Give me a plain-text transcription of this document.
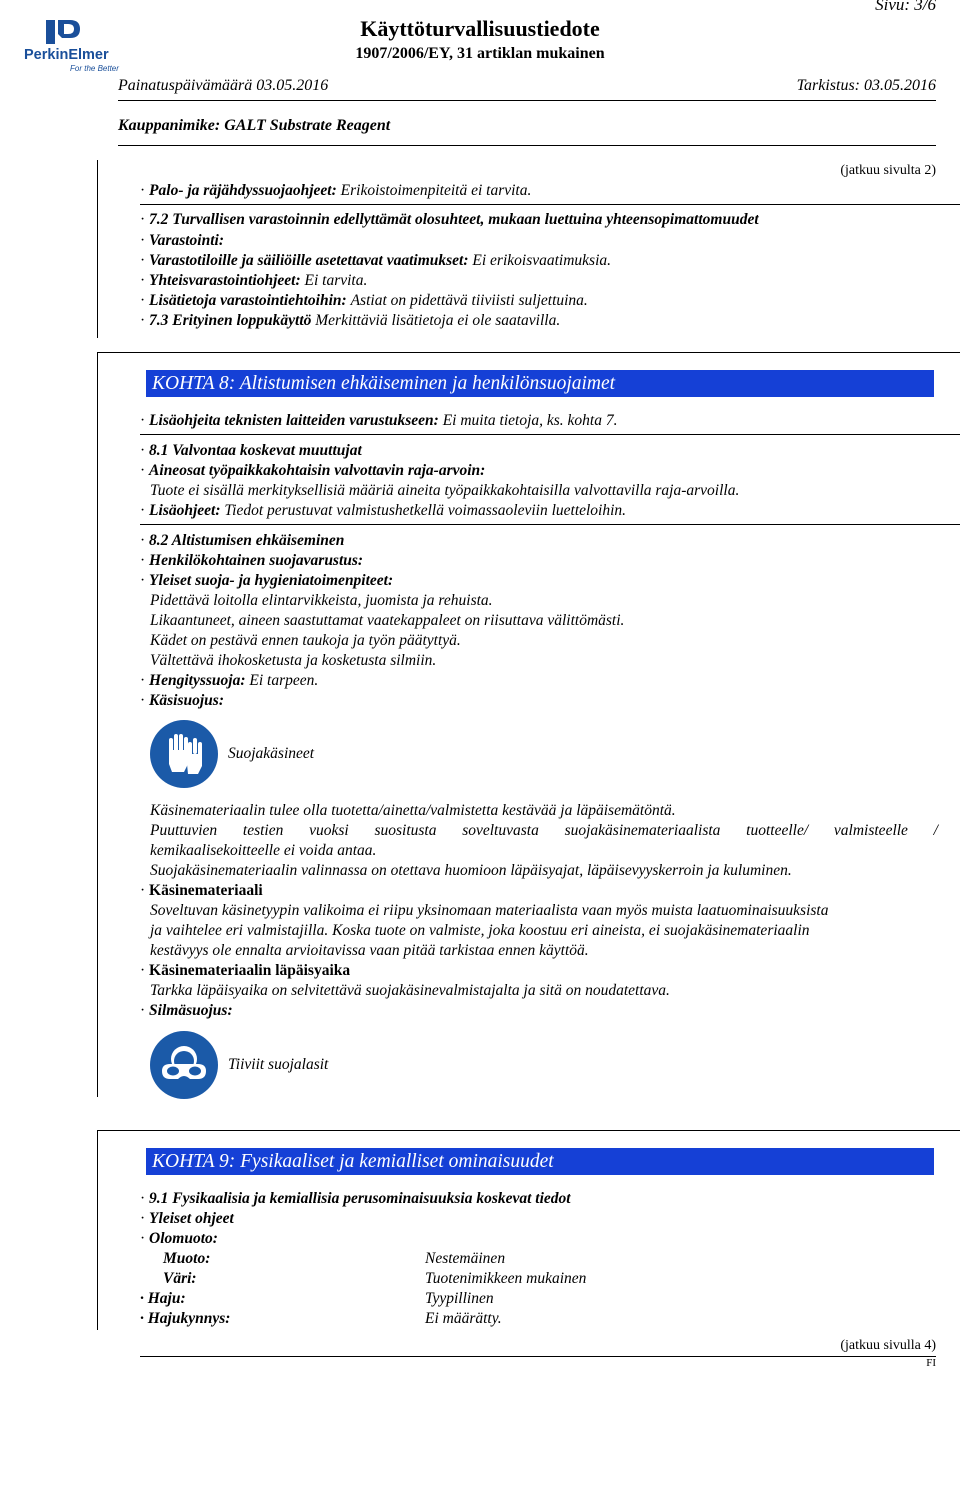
PerkinElmer
For the Better
Sivu: 3/6
Käyttöturvallisuustiedote
1907/2006/EY, 31 artiklan mukainen
Painatuspäivämäärä 03.05.2016	Tarkistus: 03.05.2016
Kauppanimike: GALT Substrate Reagent
(jatkuu sivulta 2)
· Palo- ja räjähdyssuojaohjeet: Erikoistoimenpiteitä ei tarvita.
· 7.2 Turvallisen varastoinnin edellyttämät olosuhteet, mukaan luettuina yhteensopimattomuudet
· Varastointi:
· Varastotiloille ja säiliöille asetettavat vaatimukset: Ei erikoisvaatimuksia.
· Yhteisvarastointiohjeet: Ei tarvita.
· Lisätietoja varastointiehtoihin: Astiat on pidettävä tiiviisti suljettuina.
· 7.3 Erityinen loppukäyttö Merkittäviä lisätietoja ei ole saatavilla.
KOHTA 8: Altistumisen ehkäiseminen ja henkilönsuojaimet
· Lisäohjeita teknisten laitteiden varustukseen: Ei muita tietoja, ks. kohta 7.
· 8.1 Valvontaa koskevat muuttujat
· Aineosat työpaikkakohtaisin valvottavin raja-arvoin:
Tuote ei sisällä merkityksellisiä määriä aineita työpaikkakohtaisilla valvottavilla raja-arvoilla.
· Lisäohjeet: Tiedot perustuvat valmistushetkellä voimassaoleviin luetteloihin.
· 8.2 Altistumisen ehkäiseminen
· Henkilökohtainen suojavarustus:
· Yleiset suoja- ja hygieniatoimenpiteet:
Pidettävä loitolla elintarvikkeista, juomista ja rehuista.
Likaantuneet, aineen saastuttamat vaatekappaleet on riisuttava välittömästi.
Kädet on pestävä ennen taukoja ja työn päätyttyä.
Vältettävä ihokosketusta ja kosketusta silmiin.
· Hengityssuoja: Ei tarpeen.
· Käsisuojus:
Suojakäsineet
Käsinemateriaalin tulee olla tuotetta/ainetta/valmistetta kestävää ja läpäisemätöntä.
Puuttuvien testien vuoksi suositusta soveltuvasta suojakäsinemateriaalista tuotteelle/ valmisteelle /
kemikaalisekoitteelle ei voida antaa.
Suojakäsinemateriaalin valinnassa on otettava huomioon läpäisyajat, läpäisevyyskerroin ja kuluminen.
· Käsinemateriaali
Soveltuvan käsinetyypin valikoima ei riipu yksinomaan materiaalista vaan myös muista laatuominaisuuksista
ja vaihtelee eri valmistajilla. Koska tuote on valmiste, joka koostuu eri aineista, ei suojakäsinemateriaalin
kestävyys ole ennalta arvioitavissa vaan pitää tarkistaa ennen käyttöä.
· Käsinemateriaalin läpäisyaika
Tarkka läpäisyaika on selvitettävä suojakäsinevalmistajalta ja sitä on noudatettava.
· Silmäsuojus:
Tiiviit suojalasit
KOHTA 9: Fysikaaliset ja kemialliset ominaisuudet
· 9.1 Fysikaalisia ja kemiallisia perusominaisuuksia koskevat tiedot
· Yleiset ohjeet
· Olomuoto:
Muoto:	Nestemäinen
Väri:	Tuotenimikkeen mukainen
· Haju:	Tyypillinen
· Hajukynnys:	Ei määrätty.
(jatkuu sivulla 4)
FI
